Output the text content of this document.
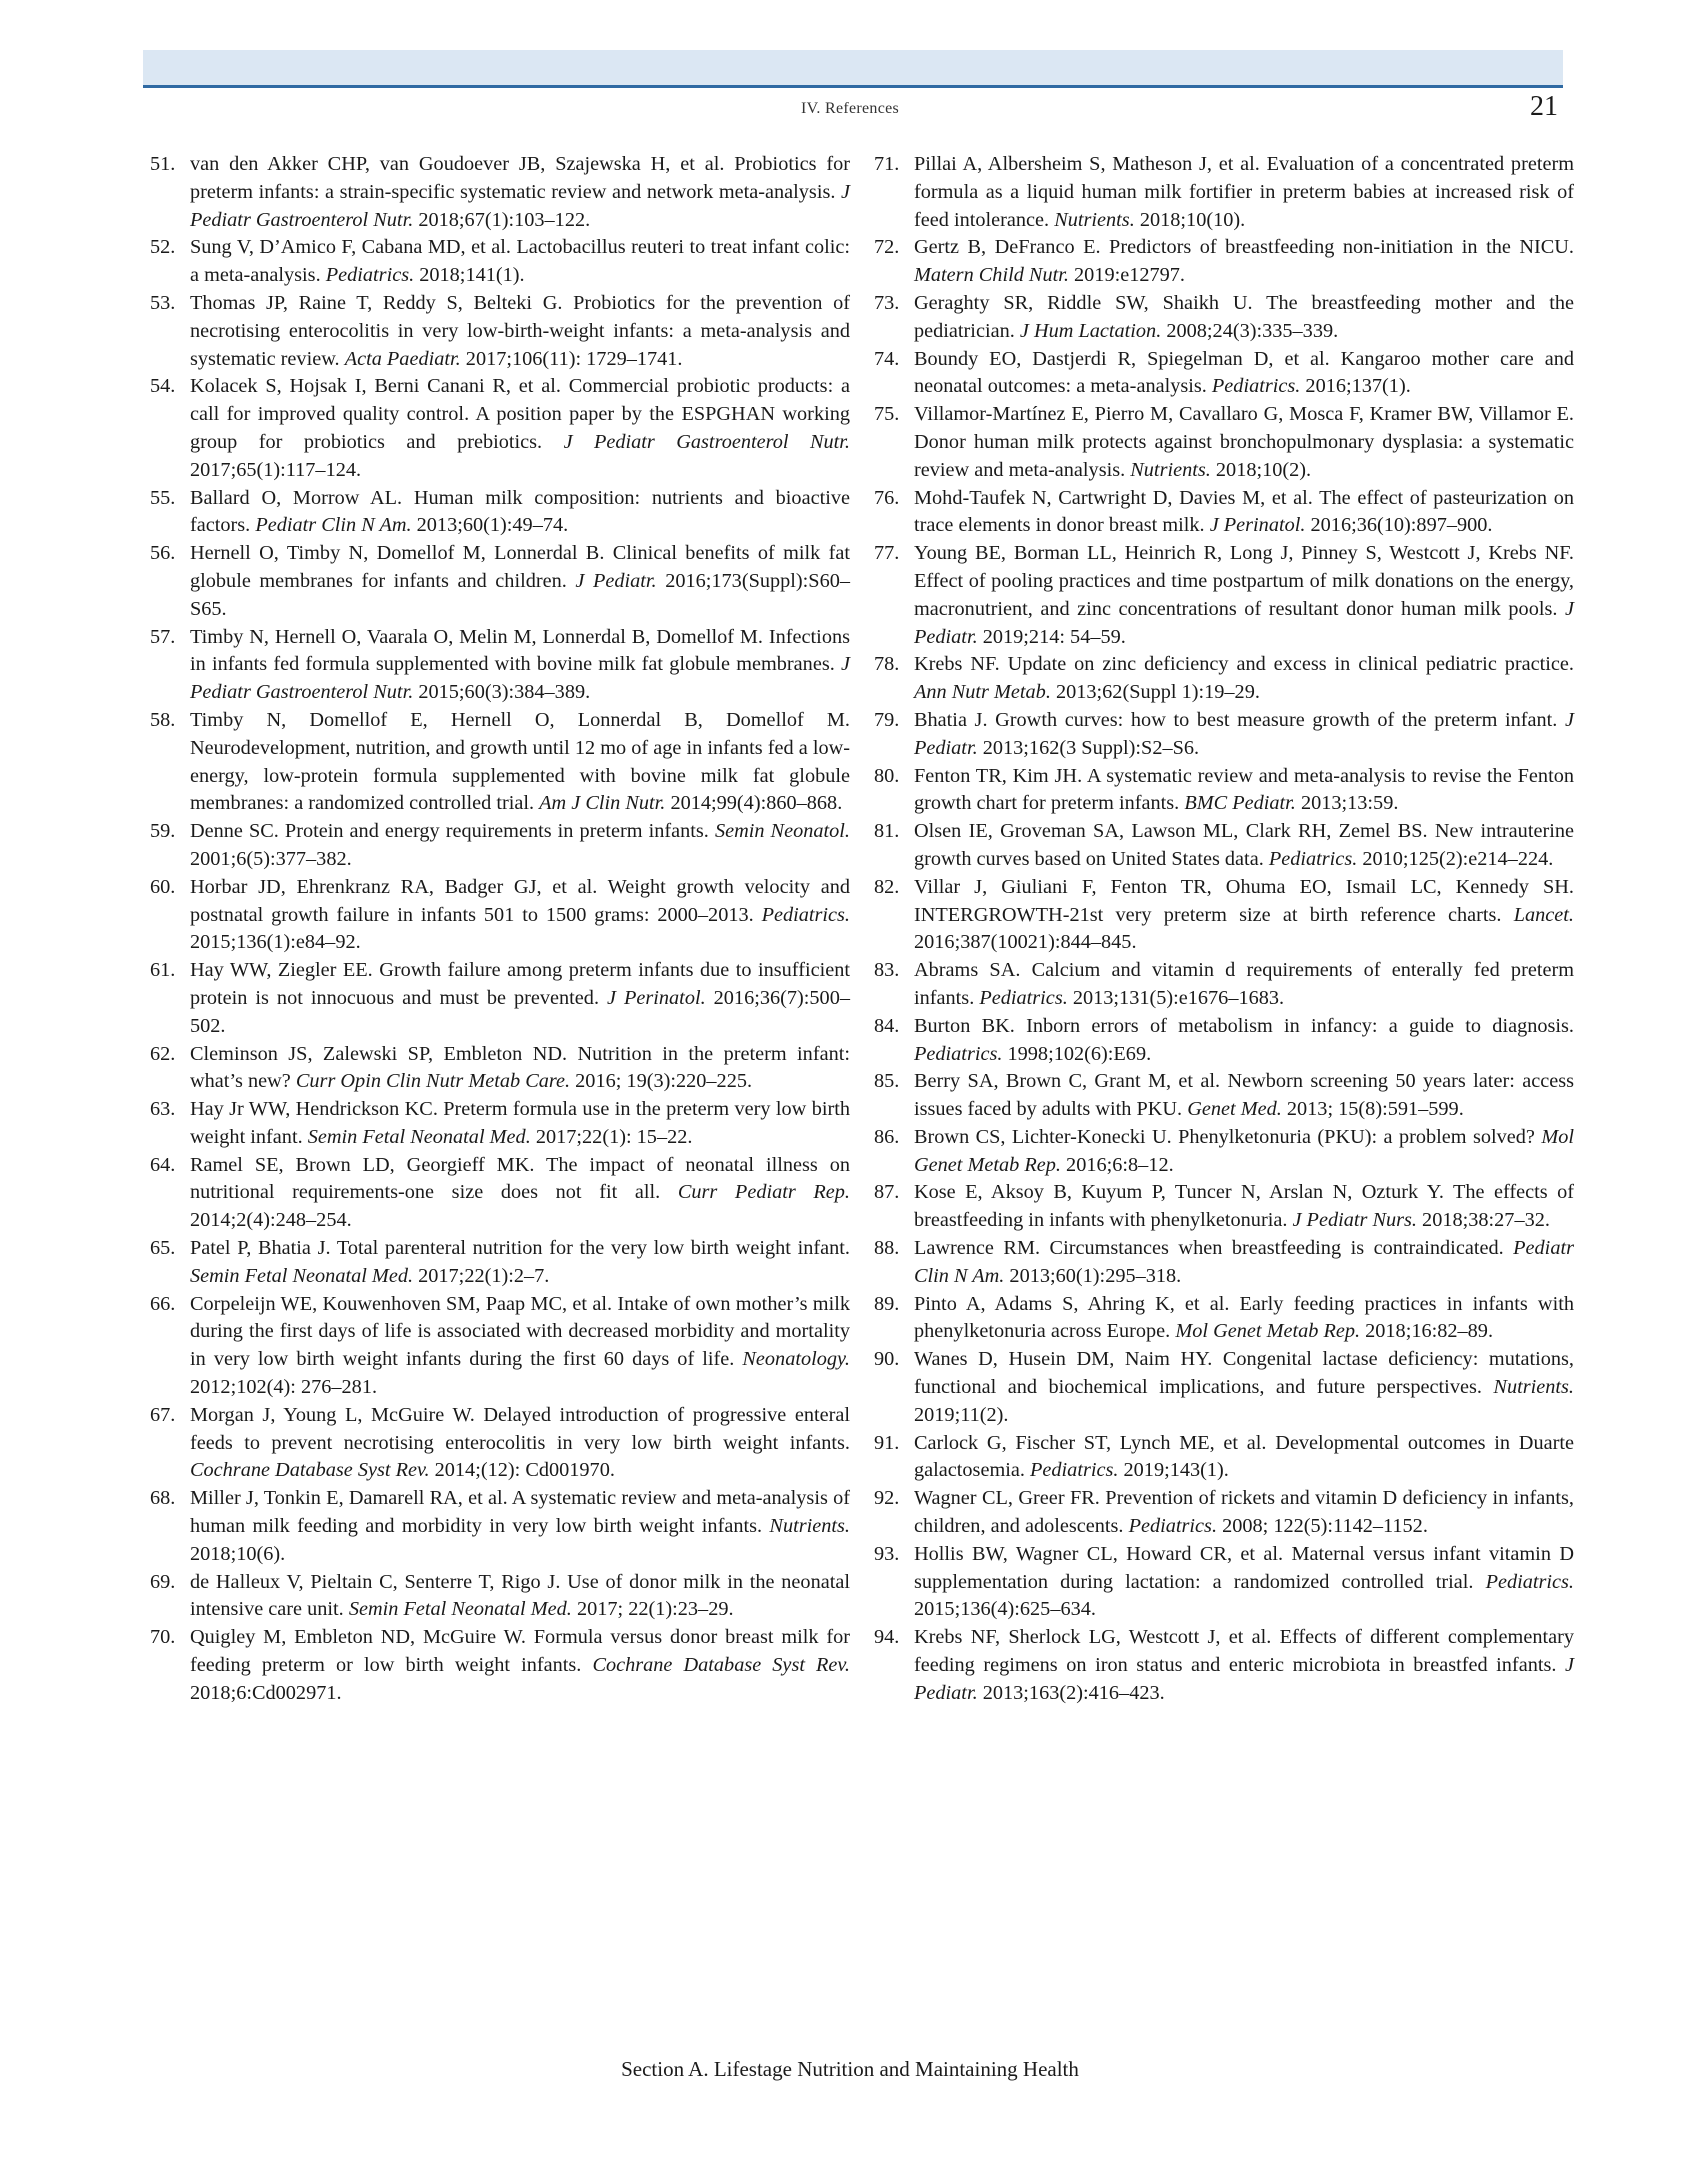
IV. References	21

51. van den Akker CHP, van Goudoever JB, Szajewska H, et al. Probiotics for preterm infants: a strain-specific systematic review and network meta-analysis. J Pediatr Gastroenterol Nutr. 2018;67(1):103–122.

52. Sung V, D’Amico F, Cabana MD, et al. Lactobacillus reuteri to treat infant colic: a meta-analysis. Pediatrics. 2018;141(1).

53. Thomas JP, Raine T, Reddy S, Belteki G. Probiotics for the prevention of necrotising enterocolitis in very low-birth-weight infants: a meta-analysis and systematic review. Acta Paediatr. 2017;106(11): 1729–1741.

54. Kolacek S, Hojsak I, Berni Canani R, et al. Commercial probiotic products: a call for improved quality control. A position paper by the ESPGHAN working group for probiotics and prebiotics. J Pediatr Gastroenterol Nutr. 2017;65(1):117–124.

55. Ballard O, Morrow AL. Human milk composition: nutrients and bioactive factors. Pediatr Clin N Am. 2013;60(1):49–74.

56. Hernell O, Timby N, Domellof M, Lonnerdal B. Clinical benefits of milk fat globule membranes for infants and children. J Pediatr. 2016;173(Suppl):S60–S65.

57. Timby N, Hernell O, Vaarala O, Melin M, Lonnerdal B, Domellof M. Infections in infants fed formula supplemented with bovine milk fat globule membranes. J Pediatr Gastroenterol Nutr. 2015;60(3):384–389.

58. Timby N, Domellof E, Hernell O, Lonnerdal B, Domellof M. Neurodevelopment, nutrition, and growth until 12 mo of age in infants fed a low-energy, low-protein formula supplemented with bovine milk fat globule membranes: a randomized controlled trial. Am J Clin Nutr. 2014;99(4):860–868.

59. Denne SC. Protein and energy requirements in preterm infants. Semin Neonatol. 2001;6(5):377–382.

60. Horbar JD, Ehrenkranz RA, Badger GJ, et al. Weight growth velocity and postnatal growth failure in infants 501 to 1500 grams: 2000–2013. Pediatrics. 2015;136(1):e84–92.

61. Hay WW, Ziegler EE. Growth failure among preterm infants due to insufficient protein is not innocuous and must be prevented. J Perinatol. 2016;36(7):500–502.

62. Cleminson JS, Zalewski SP, Embleton ND. Nutrition in the preterm infant: what’s new? Curr Opin Clin Nutr Metab Care. 2016; 19(3):220–225.

63. Hay Jr WW, Hendrickson KC. Preterm formula use in the preterm very low birth weight infant. Semin Fetal Neonatal Med. 2017;22(1): 15–22.

64. Ramel SE, Brown LD, Georgieff MK. The impact of neonatal illness on nutritional requirements-one size does not fit all. Curr Pediatr Rep. 2014;2(4):248–254.

65. Patel P, Bhatia J. Total parenteral nutrition for the very low birth weight infant. Semin Fetal Neonatal Med. 2017;22(1):2–7.

66. Corpeleijn WE, Kouwenhoven SM, Paap MC, et al. Intake of own mother’s milk during the first days of life is associated with decreased morbidity and mortality in very low birth weight infants during the first 60 days of life. Neonatology. 2012;102(4): 276–281.

67. Morgan J, Young L, McGuire W. Delayed introduction of progressive enteral feeds to prevent necrotising enterocolitis in very low birth weight infants. Cochrane Database Syst Rev. 2014;(12): Cd001970.

68. Miller J, Tonkin E, Damarell RA, et al. A systematic review and meta-analysis of human milk feeding and morbidity in very low birth weight infants. Nutrients. 2018;10(6).

69. de Halleux V, Pieltain C, Senterre T, Rigo J. Use of donor milk in the neonatal intensive care unit. Semin Fetal Neonatal Med. 2017; 22(1):23–29.

70. Quigley M, Embleton ND, McGuire W. Formula versus donor breast milk for feeding preterm or low birth weight infants. Cochrane Database Syst Rev. 2018;6:Cd002971.

71. Pillai A, Albersheim S, Matheson J, et al. Evaluation of a concentrated preterm formula as a liquid human milk fortifier in preterm babies at increased risk of feed intolerance. Nutrients. 2018;10(10).

72. Gertz B, DeFranco E. Predictors of breastfeeding non-initiation in the NICU. Matern Child Nutr. 2019:e12797.

73. Geraghty SR, Riddle SW, Shaikh U. The breastfeeding mother and the pediatrician. J Hum Lactation. 2008;24(3):335–339.

74. Boundy EO, Dastjerdi R, Spiegelman D, et al. Kangaroo mother care and neonatal outcomes: a meta-analysis. Pediatrics. 2016;137(1).

75. Villamor-Martínez E, Pierro M, Cavallaro G, Mosca F, Kramer BW, Villamor E. Donor human milk protects against bronchopulmonary dysplasia: a systematic review and meta-analysis. Nutrients. 2018;10(2).

76. Mohd-Taufek N, Cartwright D, Davies M, et al. The effect of pasteurization on trace elements in donor breast milk. J Perinatol. 2016;36(10):897–900.

77. Young BE, Borman LL, Heinrich R, Long J, Pinney S, Westcott J, Krebs NF. Effect of pooling practices and time postpartum of milk donations on the energy, macronutrient, and zinc concentrations of resultant donor human milk pools. J Pediatr. 2019;214: 54–59.

78. Krebs NF. Update on zinc deficiency and excess in clinical pediatric practice. Ann Nutr Metab. 2013;62(Suppl 1):19–29.

79. Bhatia J. Growth curves: how to best measure growth of the preterm infant. J Pediatr. 2013;162(3 Suppl):S2–S6.

80. Fenton TR, Kim JH. A systematic review and meta-analysis to revise the Fenton growth chart for preterm infants. BMC Pediatr. 2013;13:59.

81. Olsen IE, Groveman SA, Lawson ML, Clark RH, Zemel BS. New intrauterine growth curves based on United States data. Pediatrics. 2010;125(2):e214–224.

82. Villar J, Giuliani F, Fenton TR, Ohuma EO, Ismail LC, Kennedy SH. INTERGROWTH-21st very preterm size at birth reference charts. Lancet. 2016;387(10021):844–845.

83. Abrams SA. Calcium and vitamin d requirements of enterally fed preterm infants. Pediatrics. 2013;131(5):e1676–1683.

84. Burton BK. Inborn errors of metabolism in infancy: a guide to diagnosis. Pediatrics. 1998;102(6):E69.

85. Berry SA, Brown C, Grant M, et al. Newborn screening 50 years later: access issues faced by adults with PKU. Genet Med. 2013; 15(8):591–599.

86. Brown CS, Lichter-Konecki U. Phenylketonuria (PKU): a problem solved? Mol Genet Metab Rep. 2016;6:8–12.

87. Kose E, Aksoy B, Kuyum P, Tuncer N, Arslan N, Ozturk Y. The effects of breastfeeding in infants with phenylketonuria. J Pediatr Nurs. 2018;38:27–32.

88. Lawrence RM. Circumstances when breastfeeding is contraindicated. Pediatr Clin N Am. 2013;60(1):295–318.

89. Pinto A, Adams S, Ahring K, et al. Early feeding practices in infants with phenylketonuria across Europe. Mol Genet Metab Rep. 2018;16:82–89.

90. Wanes D, Husein DM, Naim HY. Congenital lactase deficiency: mutations, functional and biochemical implications, and future perspectives. Nutrients. 2019;11(2).

91. Carlock G, Fischer ST, Lynch ME, et al. Developmental outcomes in Duarte galactosemia. Pediatrics. 2019;143(1).

92. Wagner CL, Greer FR. Prevention of rickets and vitamin D deficiency in infants, children, and adolescents. Pediatrics. 2008; 122(5):1142–1152.

93. Hollis BW, Wagner CL, Howard CR, et al. Maternal versus infant vitamin D supplementation during lactation: a randomized controlled trial. Pediatrics. 2015;136(4):625–634.

94. Krebs NF, Sherlock LG, Westcott J, et al. Effects of different complementary feeding regimens on iron status and enteric microbiota in breastfed infants. J Pediatr. 2013;163(2):416–423.

Section A. Lifestage Nutrition and Maintaining Health
